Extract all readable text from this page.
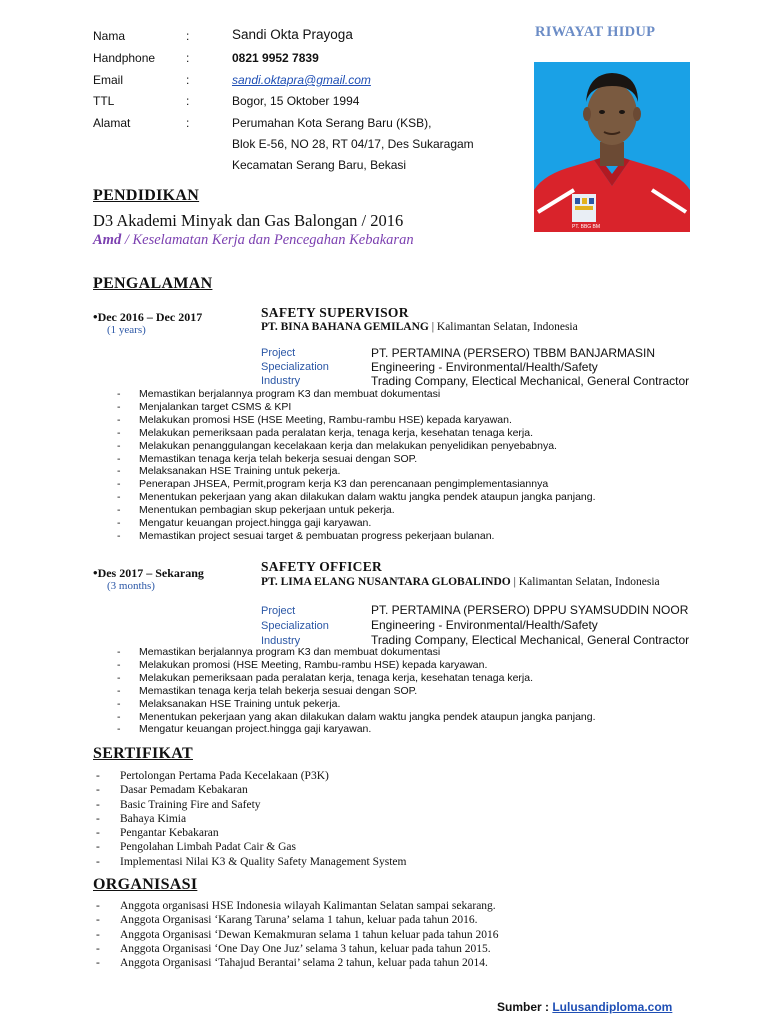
Nama	:	Sandi Okta Prayoga
Handphone	:	0821 9952 7839
Email	:	sandi.oktapra@gmail.com
TTL	:	Bogor, 15 Oktober 1994
Alamat	:	Perumahan Kota Serang Baru (KSB),
Blok E-56, NO 28, RT 04/17, Des Sukaragam
Kecamatan Serang Baru, Bekasi
RIWAYAT HIDUP
PT. BBG BM
PENDIDIKAN
D3 Akademi Minyak dan Gas Balongan / 2016
Amd / Keselamatan Kerja dan Pencegahan Kebakaran
PENGALAMAN
•Dec 2016 – Dec 2017
(1 years)
SAFETY SUPERVISOR
PT. BINA BAHANA GEMILANG | Kalimantan Selatan, Indonesia
Project	PT. PERTAMINA (PERSERO) TBBM BANJARMASIN
Specialization	Engineering - Environmental/Health/Safety
Industry	Trading Company, Electical Mechanical, General Contractor
- Memastikan berjalannya program K3 dan membuat dokumentasi
- Menjalankan target CSMS & KPI
- Melakukan promosi HSE (HSE Meeting, Rambu-rambu HSE) kepada karyawan.
- Melakukan pemeriksaan pada peralatan kerja, tenaga kerja, kesehatan tenaga kerja.
- Melakukan penanggulangan kecelakaan kerja dan melakukan penyelidikan penyebabnya.
- Memastikan tenaga kerja telah bekerja sesuai dengan SOP.
- Melaksanakan HSE Training untuk pekerja.
- Penerapan JHSEA, Permit,program kerja K3 dan perencanaan pengimplementasiannya
- Menentukan pekerjaan yang akan dilakukan dalam waktu jangka pendek ataupun jangka panjang.
- Menentukan pembagian skup pekerjaan untuk pekerja.
- Mengatur keuangan project.hingga gaji karyawan.
- Memastikan project sesuai target & pembuatan progress pekerjaan bulanan.
•Des 2017 – Sekarang
(3 months)
SAFETY OFFICER
PT. LIMA ELANG NUSANTARA GLOBALINDO | Kalimantan Selatan, Indonesia
Project	PT. PERTAMINA (PERSERO) DPPU SYAMSUDDIN NOOR
Specialization	Engineering - Environmental/Health/Safety
Industry	Trading Company, Electical Mechanical, General Contractor
- Memastikan berjalannya program K3 dan membuat dokumentasi
- Melakukan promosi (HSE Meeting, Rambu-rambu HSE) kepada karyawan.
- Melakukan pemeriksaan pada peralatan kerja, tenaga kerja, kesehatan tenaga kerja.
- Memastikan tenaga kerja telah bekerja sesuai dengan SOP.
- Melaksanakan HSE Training untuk pekerja.
- Menentukan pekerjaan yang akan dilakukan dalam waktu jangka pendek ataupun jangka panjang.
- Mengatur keuangan project.hingga gaji karyawan.
SERTIFIKAT
- Pertolongan Pertama Pada Kecelakaan (P3K)
- Dasar Pemadam Kebakaran
- Basic Training Fire and Safety
- Bahaya Kimia
- Pengantar Kebakaran
- Pengolahan Limbah Padat Cair & Gas
- Implementasi Nilai K3 & Quality Safety Management System
ORGANISASI
- Anggota organisasi HSE Indonesia wilayah Kalimantan Selatan sampai sekarang.
- Anggota Organisasi ‘Karang Taruna’ selama 1 tahun, keluar pada tahun 2016.
- Anggota Organisasi ‘Dewan Kemakmuran selama 1 tahun keluar pada tahun 2016
- Anggota Organisasi ‘One Day One Juz’ selama 3 tahun, keluar pada tahun 2015.
- Anggota Organisasi ‘Tahajud Berantai’ selama 2 tahun, keluar pada tahun 2014.
Sumber : Lulusandiploma.com
